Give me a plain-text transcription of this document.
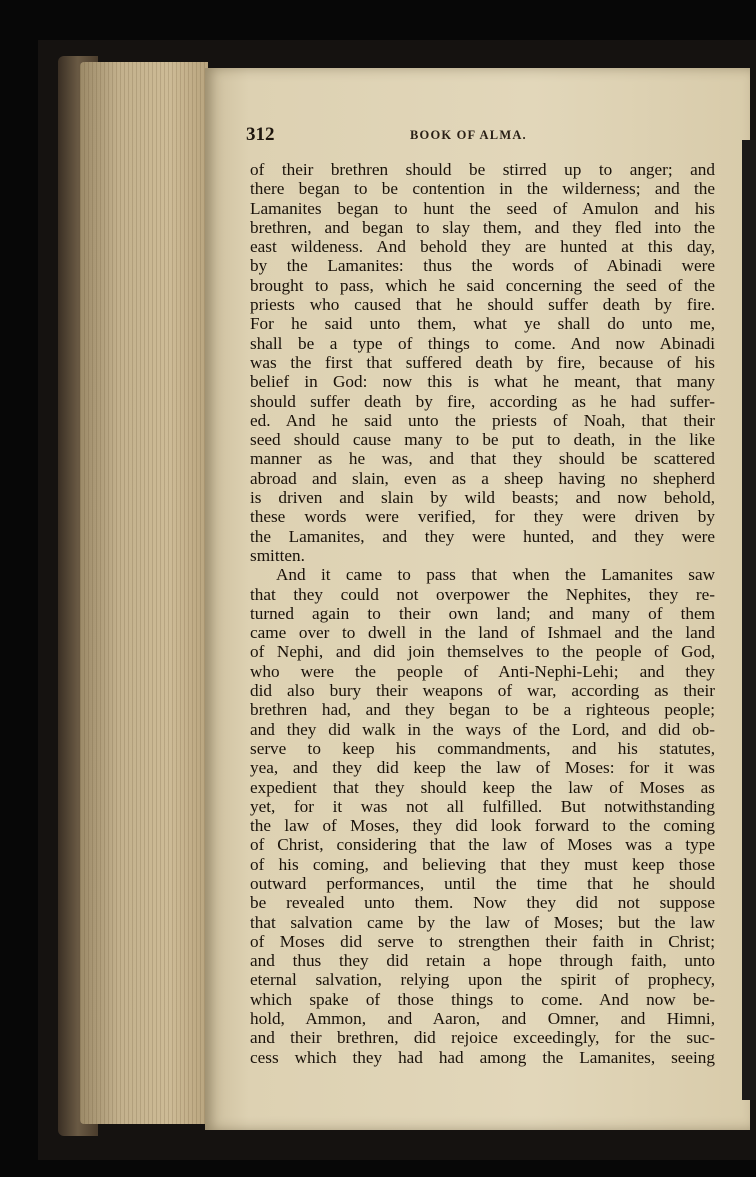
312	BOOK OF ALMA.
of their brethren should be stirred up to anger; and
there began to be contention in the wilderness; and the
Lamanites began to hunt the seed of Amulon and his
brethren, and began to slay them, and they fled into the
east wildeness. And behold they are hunted at this day,
by the Lamanites: thus the words of Abinadi were
brought to pass, which he said concerning the seed of the
priests who caused that he should suffer death by fire.
For he said unto them, what ye shall do unto me,
shall be a type of things to come. And now Abinadi
was the first that suffered death by fire, because of his
belief in God: now this is what he meant, that many
should suffer death by fire, according as he had suffer-
ed. And he said unto the priests of Noah, that their
seed should cause many to be put to death, in the like
manner as he was, and that they should be scattered
abroad and slain, even as a sheep having no shepherd
is driven and slain by wild beasts; and now behold,
these words were verified, for they were driven by
the Lamanites, and they were hunted, and they were
smitten.
And it came to pass that when the Lamanites saw
that they could not overpower the Nephites, they re-
turned again to their own land; and many of them
came over to dwell in the land of Ishmael and the land
of Nephi, and did join themselves to the people of God,
who were the people of Anti-Nephi-Lehi; and they
did also bury their weapons of war, according as their
brethren had, and they began to be a righteous people;
and they did walk in the ways of the Lord, and did ob-
serve to keep his commandments, and his statutes,
yea, and they did keep the law of Moses: for it was
expedient that they should keep the law of Moses as
yet, for it was not all fulfilled. But notwithstanding
the law of Moses, they did look forward to the coming
of Christ, considering that the law of Moses was a type
of his coming, and believing that they must keep those
outward performances, until the time that he should
be revealed unto them. Now they did not suppose
that salvation came by the law of Moses; but the law
of Moses did serve to strengthen their faith in Christ;
and thus they did retain a hope through faith, unto
eternal salvation, relying upon the spirit of prophecy,
which spake of those things to come. And now be-
hold, Ammon, and Aaron, and Omner, and Himni,
and their brethren, did rejoice exceedingly, for the suc-
cess which they had had among the Lamanites, seeing
